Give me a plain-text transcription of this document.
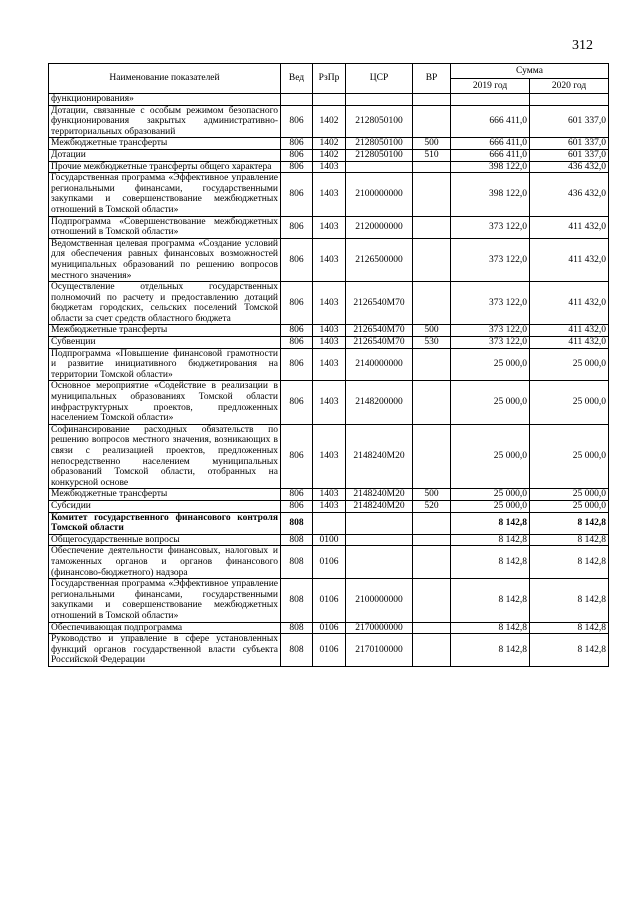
312
Наименование показателей	Вед	РзПр	ЦСР	ВР	Сумма	
					2019 год	2020 год
функционирования»						
Дотации, связанные с особым режимом безопасного функционирования закрытых административно-территориальных образований	806	1402	2128050100		666 411,0	601 337,0
Межбюджетные трансферты	806	1402	2128050100	500	666 411,0	601 337,0
Дотации	806	1402	2128050100	510	666 411,0	601 337,0
Прочие межбюджетные трансферты общего характера	806	1403			398 122,0	436 432,0
Государственная программа «Эффективное управление региональными финансами, государственными закупками и совершенствование межбюджетных отношений в Томской области»	806	1403	2100000000		398 122,0	436 432,0
Подпрограмма «Совершенствование межбюджетных отношений в Томской области»	806	1403	2120000000		373 122,0	411 432,0
Ведомственная целевая программа «Создание условий для обеспечения равных финансовых возможностей муниципальных образований по решению вопросов местного значения»	806	1403	2126500000		373 122,0	411 432,0
Осуществление отдельных государственных полномочий по расчету и предоставлению дотаций бюджетам городских, сельских поселений Томской области за счет средств областного бюджета	806	1403	2126540М70		373 122,0	411 432,0
Межбюджетные трансферты	806	1403	2126540М70	500	373 122,0	411 432,0
Субвенции	806	1403	2126540М70	530	373 122,0	411 432,0
Подпрограмма «Повышение финансовой грамотности и развитие инициативного бюджетирования на территории Томской области»	806	1403	2140000000		25 000,0	25 000,0
Основное мероприятие «Содействие в реализации в муниципальных образованиях Томской области инфраструктурных проектов, предложенных населением Томской области»	806	1403	2148200000		25 000,0	25 000,0
Софинансирование расходных обязательств по решению вопросов местного значения, возникающих в связи с реализацией проектов, предложенных непосредственно населением муниципальных образований Томской области, отобранных на конкурсной основе	806	1403	2148240М20		25 000,0	25 000,0
Межбюджетные трансферты	806	1403	2148240М20	500	25 000,0	25 000,0
Субсидии	806	1403	2148240М20	520	25 000,0	25 000,0
Комитет государственного финансового контроля Томской области	808				8 142,8	8 142,8
Общегосударственные вопросы	808	0100			8 142,8	8 142,8
Обеспечение деятельности финансовых, налоговых и таможенных органов и органов финансового (финансово-бюджетного) надзора	808	0106			8 142,8	8 142,8
Государственная программа «Эффективное управление региональными финансами, государственными закупками и совершенствование межбюджетных отношений в Томской области»	808	0106	2100000000		8 142,8	8 142,8
Обеспечивающая подпрограмма	808	0106	2170000000		8 142,8	8 142,8
Руководство и управление в сфере установленных функций органов государственной власти субъекта Российской Федерации	808	0106	2170100000		8 142,8	8 142,8
